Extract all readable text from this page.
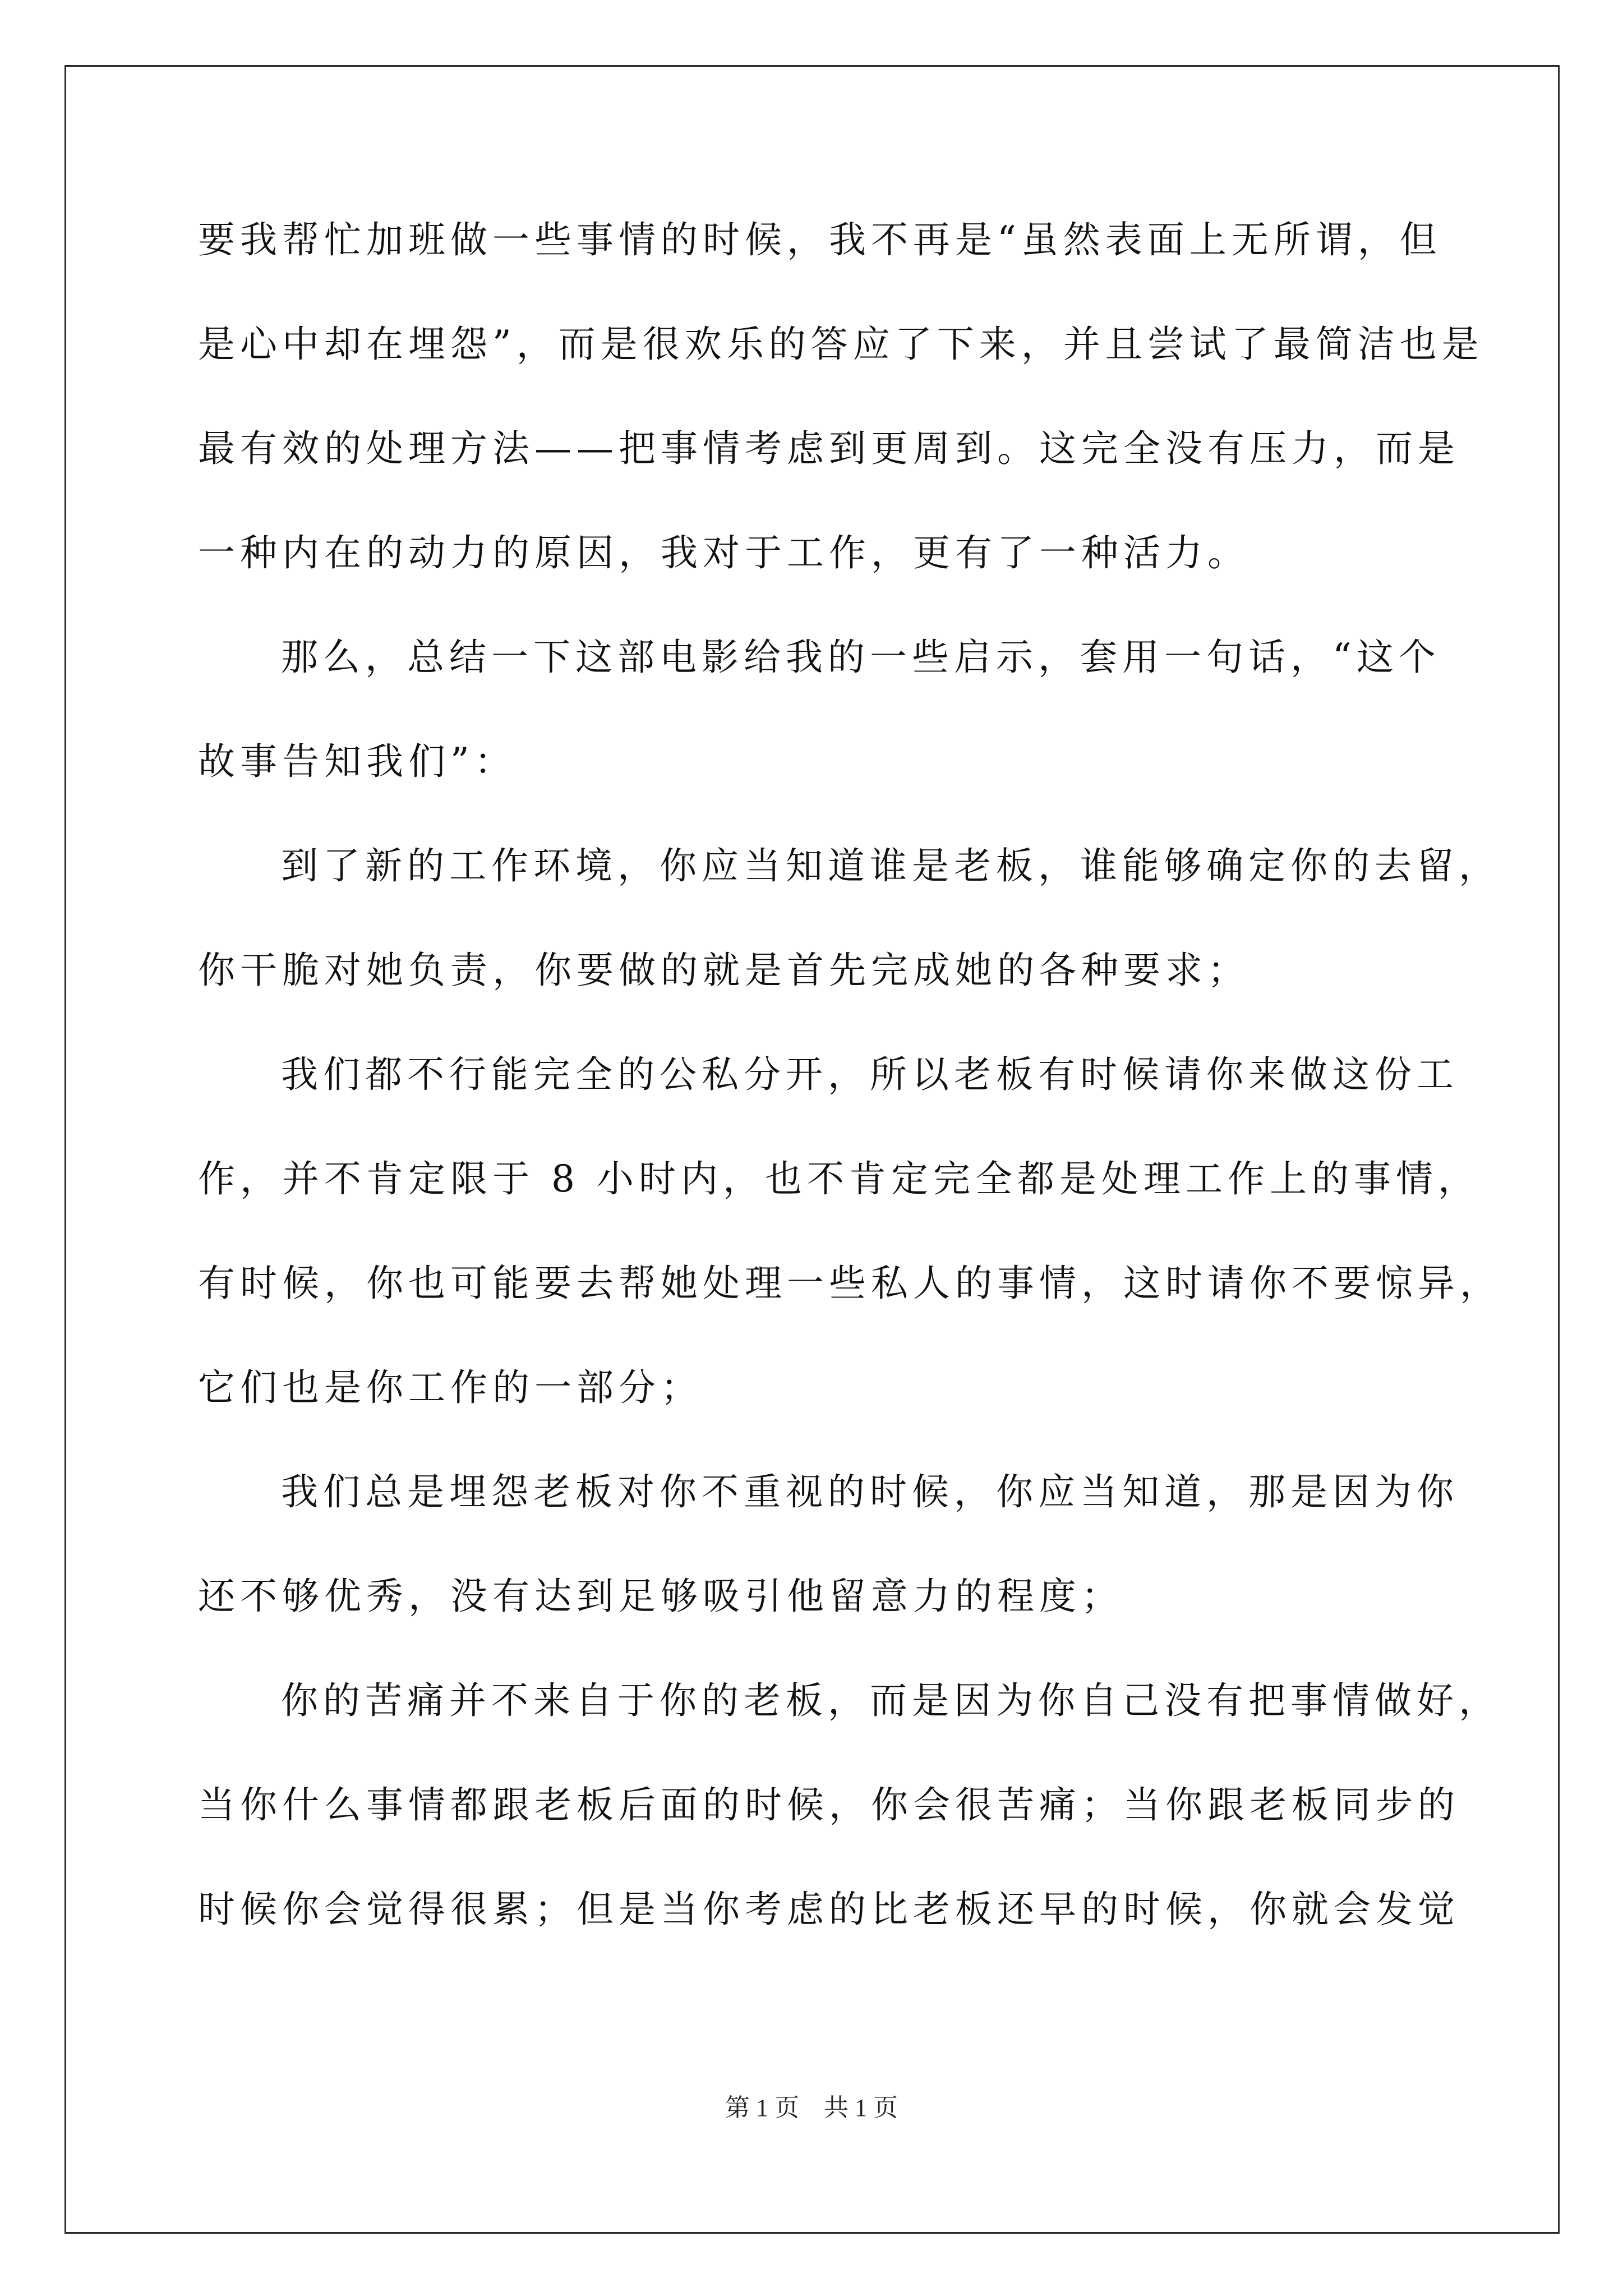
要我帮忙加班做一些事情的时候，我不再是“虽然表面上无所谓，但
是心中却在埋怨”，而是很欢乐的答应了下来，并且尝试了最简洁也是
最有效的处理方法——把事情考虑到更周到。这完全没有压力，而是
一种内在的动力的原因，我对于工作，更有了一种活力。
那么，总结一下这部电影给我的一些启示，套用一句话，“这个
故事告知我们”：
到了新的工作环境，你应当知道谁是老板，谁能够确定你的去留，
你干脆对她负责，你要做的就是首先完成她的各种要求；
我们都不行能完全的公私分开，所以老板有时候请你来做这份工
作，并不肯定限于 8 小时内，也不肯定完全都是处理工作上的事情，
有时候，你也可能要去帮她处理一些私人的事情，这时请你不要惊异，
它们也是你工作的一部分；
我们总是埋怨老板对你不重视的时候，你应当知道，那是因为你
还不够优秀，没有达到足够吸引他留意力的程度；
你的苦痛并不来自于你的老板，而是因为你自己没有把事情做好，
当你什么事情都跟老板后面的时候，你会很苦痛；当你跟老板同步的
时候你会觉得很累；但是当你考虑的比老板还早的时候，你就会发觉
第 1 页　共 1 页
